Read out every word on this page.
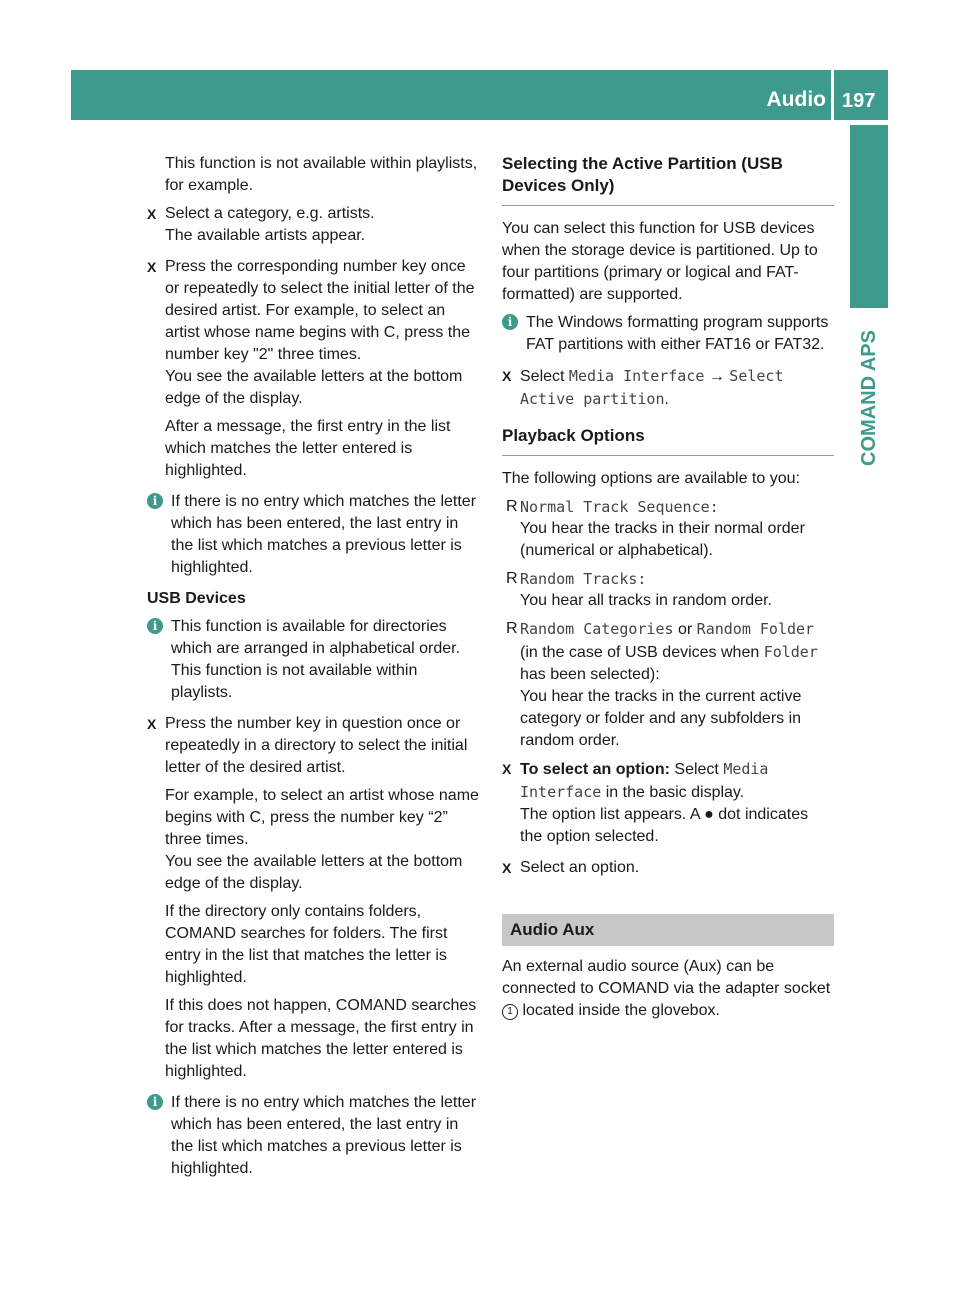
Audio 197
COMAND APS

This function is not available within playlists, for example.

X Select a category, e.g. artists.

The available artists appear.

X Press the corresponding number key once or repeatedly to select the initial letter of the desired artist. For example, to select an artist whose name begins with C, press the number key "2" three times.

You see the available letters at the bottom edge of the display.

After a message, the first entry in the list which matches the letter entered is highlighted.

i If there is no entry which matches the letter which has been entered, the last entry in the list which matches a previous letter is highlighted.

USB Devices

i This function is available for directories which are arranged in alphabetical order. This function is not available within playlists.

X Press the number key in question once or repeatedly in a directory to select the initial letter of the desired artist.

For example, to select an artist whose name begins with C, press the number key “2” three times.

You see the available letters at the bottom edge of the display.

If the directory only contains folders, COMAND searches for folders. The first entry in the list that matches the letter is highlighted.

If this does not happen, COMAND searches for tracks. After a message, the first entry in the list which matches the letter entered is highlighted.

i If there is no entry which matches the letter which has been entered, the last entry in the list which matches a previous letter is highlighted.

Selecting the Active Partition (USB Devices Only)

You can select this function for USB devices when the storage device is partitioned. Up to four partitions (primary or logical and FAT-formatted) are supported.

i The Windows formatting program supports FAT partitions with either FAT16 or FAT32.

X Select Media Interface → Select Active partition.

Playback Options

The following options are available to you:

R Normal Track Sequence:

You hear the tracks in their normal order (numerical or alphabetical).

R Random Tracks:

You hear all tracks in random order.

R Random Categories or Random Folder (in the case of USB devices when Folder has been selected):

You hear the tracks in the current active category or folder and any subfolders in random order.

X To select an option: Select Media Interface in the basic display.

The option list appears. A ● dot indicates the option selected.

X Select an option.

Audio Aux

An external audio source (Aux) can be connected to COMAND via the adapter socket 1 located inside the glovebox.
